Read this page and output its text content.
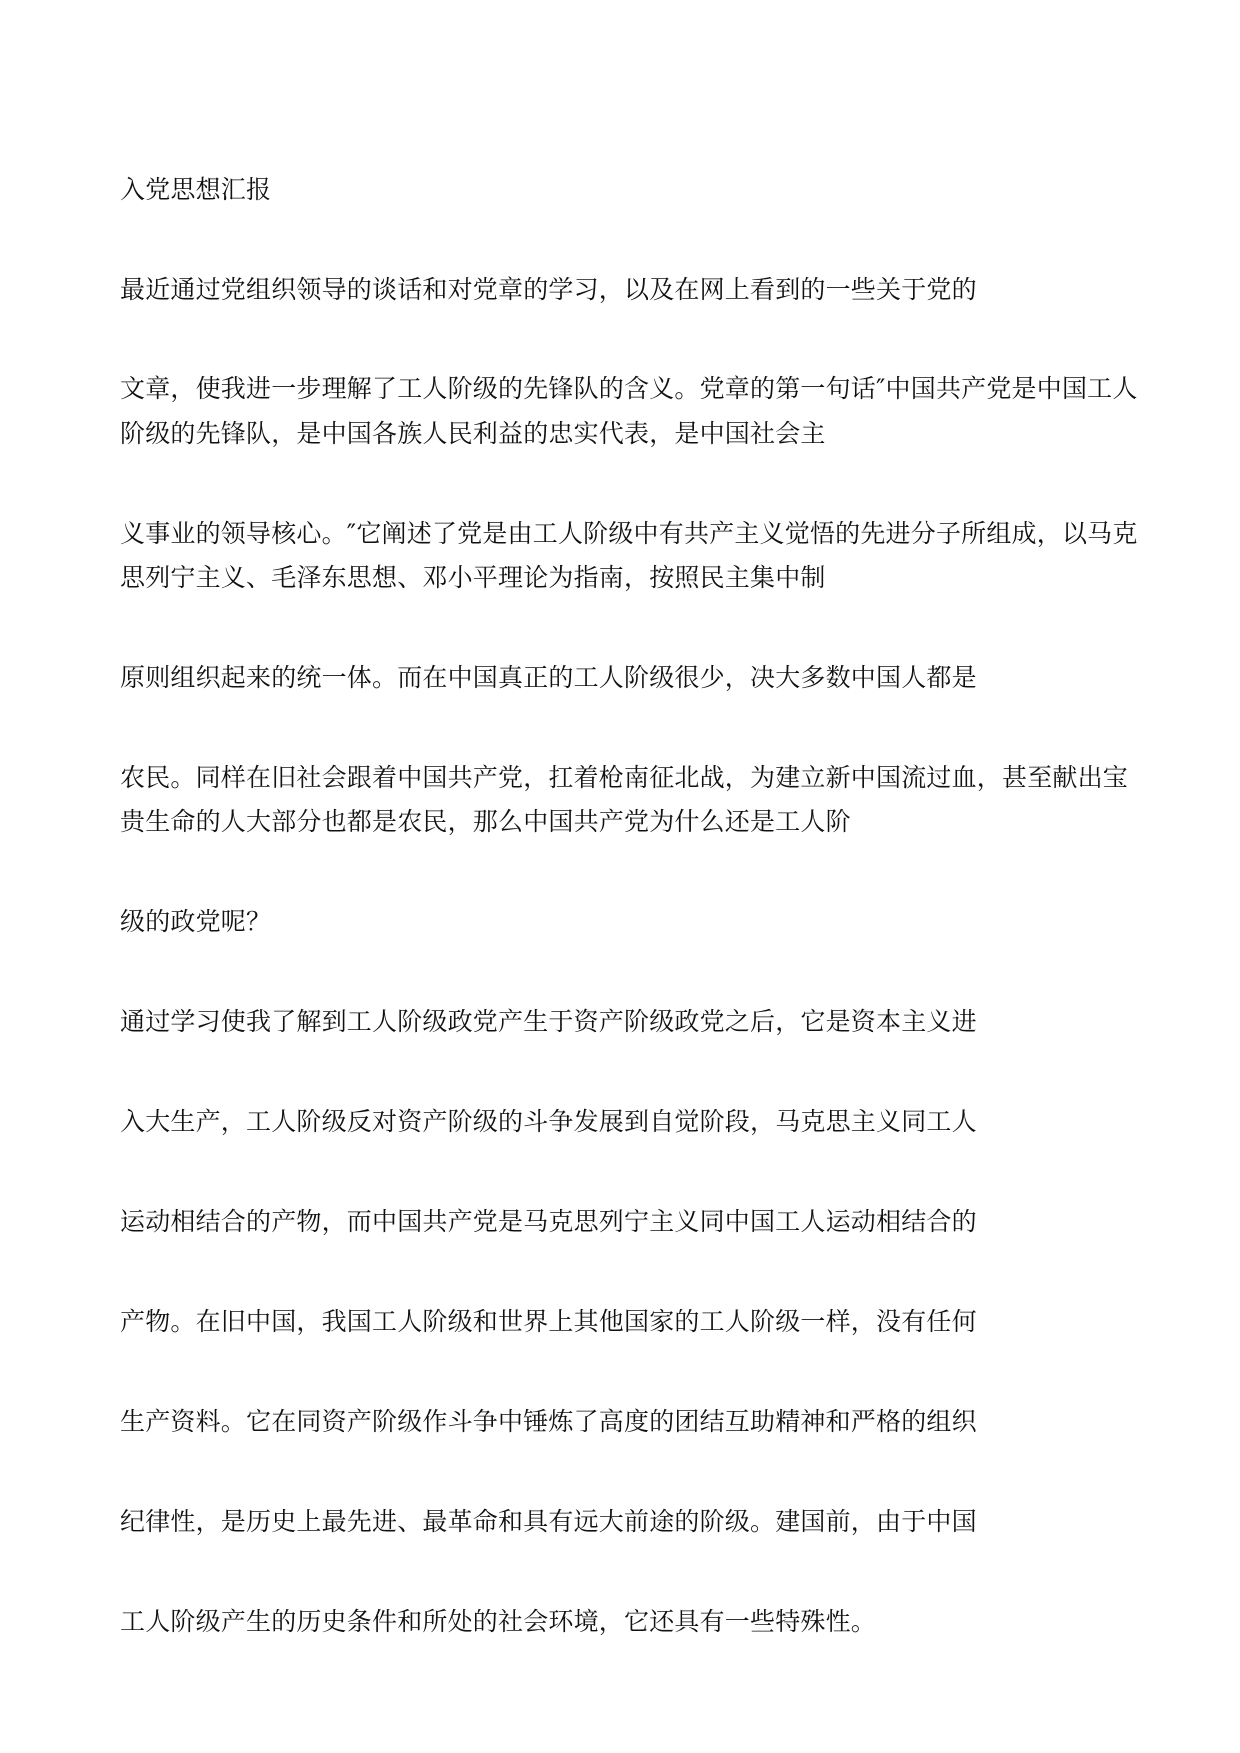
入党思想汇报

最近通过党组织领导的谈话和对党章的学习，以及在网上看到的一些关于党的

文章，使我进一步理解了工人阶级的先锋队的含义。党章的第一句话″中国共产党是中国工人

阶级的先锋队，是中国各族人民利益的忠实代表，是中国社会主

义事业的领导核心。″它阐述了党是由工人阶级中有共产主义觉悟的先进分子所组成，以马克

思列宁主义、毛泽东思想、邓小平理论为指南，按照民主集中制

原则组织起来的统一体。而在中国真正的工人阶级很少，决大多数中国人都是

农民。同样在旧社会跟着中国共产党，扛着枪南征北战，为建立新中国流过血，甚至献出宝

贵生命的人大部分也都是农民，那么中国共产党为什么还是工人阶

级的政党呢？

通过学习使我了解到工人阶级政党产生于资产阶级政党之后，它是资本主义进

入大生产，工人阶级反对资产阶级的斗争发展到自觉阶段，马克思主义同工人

运动相结合的产物，而中国共产党是马克思列宁主义同中国工人运动相结合的

产物。在旧中国，我国工人阶级和世界上其他国家的工人阶级一样，没有任何

生产资料。它在同资产阶级作斗争中锤炼了高度的团结互助精神和严格的组织

纪律性，是历史上最先进、最革命和具有远大前途的阶级。建国前，由于中国

工人阶级产生的历史条件和所处的社会环境，它还具有一些特殊性。
